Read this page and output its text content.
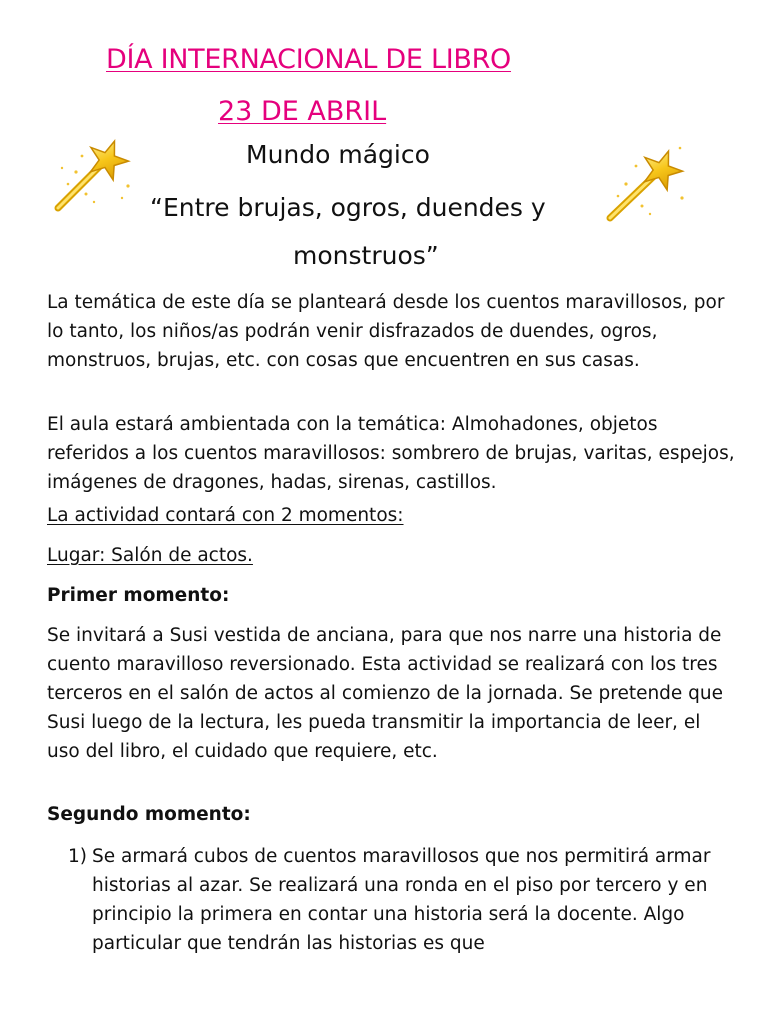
DÍA INTERNACIONAL DE LIBRO
23 DE ABRIL
Mundo mágico
“Entre brujas, ogros, duendes y
monstruos”

La temática de este día se planteará desde los cuentos maravillosos, por lo tanto, los niños/as podrán venir disfrazados de duendes, ogros, monstruos, brujas, etc. con cosas que encuentren en sus casas.

El aula estará ambientada con la temática: Almohadones, objetos referidos a los cuentos maravillosos: sombrero de brujas, varitas, espejos, imágenes de dragones, hadas, sirenas, castillos.

La actividad contará con 2 momentos:
Lugar: Salón de actos.
Primer momento:

Se invitará a Susi vestida de anciana, para que nos narre una historia de cuento maravilloso reversionado. Esta actividad se realizará con los tres terceros en el salón de actos al comienzo de la jornada. Se pretende que Susi luego de la lectura, les pueda transmitir la importancia de leer, el uso del libro, el cuidado que requiere, etc.

Segundo momento:
1) Se armará cubos de cuentos maravillosos que nos permitirá armar historias al azar. Se realizará una ronda en el piso por tercero y en principio la primera en contar una historia será la docente. Algo particular que tendrán las historias es que
